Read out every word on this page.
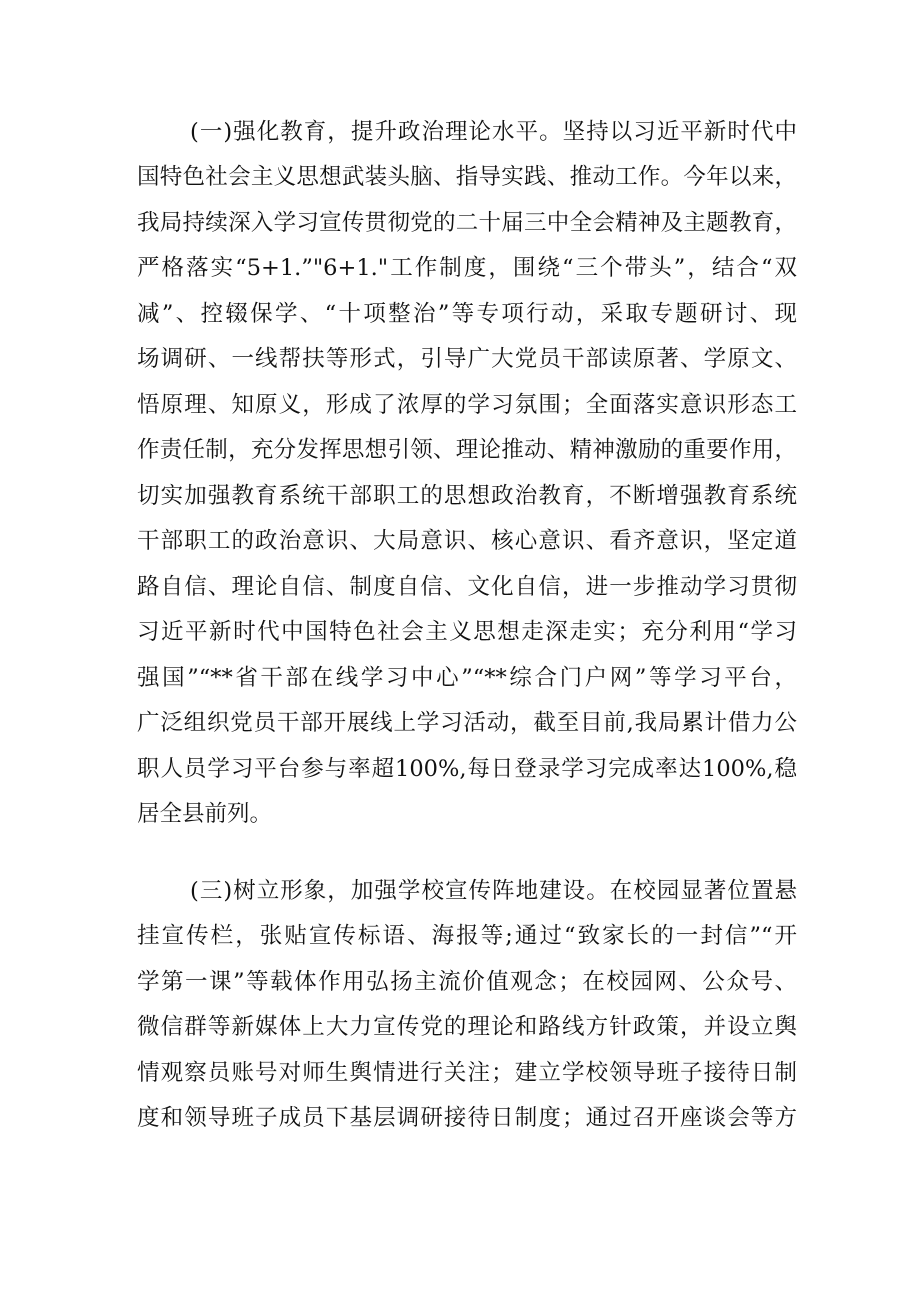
(一)强化教育，提升政治理论水平。坚持以习近平新时代中
国特色社会主义思想武装头脑、指导实践、推动工作。今年以来，
我局持续深入学习宣传贯彻党的二十届三中全会精神及主题教育，
严格落实“5+1.”"6+1."工作制度，围绕“三个带头”，结合“双
减”、控辍保学、“十项整治”等专项行动，采取专题研讨、现
场调研、一线帮扶等形式，引导广大党员干部读原著、学原文、
悟原理、知原义，形成了浓厚的学习氛围；全面落实意识形态工
作责任制，充分发挥思想引领、理论推动、精神激励的重要作用，
切实加强教育系统干部职工的思想政治教育，不断增强教育系统
干部职工的政治意识、大局意识、核心意识、看齐意识，坚定道
路自信、理论自信、制度自信、文化自信，进一步推动学习贯彻
习近平新时代中国特色社会主义思想走深走实；充分利用“学习
强国”“**省干部在线学习中心”“**综合门户网”等学习平台，
广泛组织党员干部开展线上学习活动，截至目前,我局累计借力公
职人员学习平台参与率超100%,每日登录学习完成率达100%,稳
居全县前列。
(三)树立形象，加强学校宣传阵地建设。在校园显著位置悬
挂宣传栏，张贴宣传标语、海报等;通过“致家长的一封信”“开
学第一课”等载体作用弘扬主流价值观念；在校园网、公众号、
微信群等新媒体上大力宣传党的理论和路线方针政策，并设立舆
情观察员账号对师生舆情进行关注；建立学校领导班子接待日制
度和领导班子成员下基层调研接待日制度；通过召开座谈会等方
